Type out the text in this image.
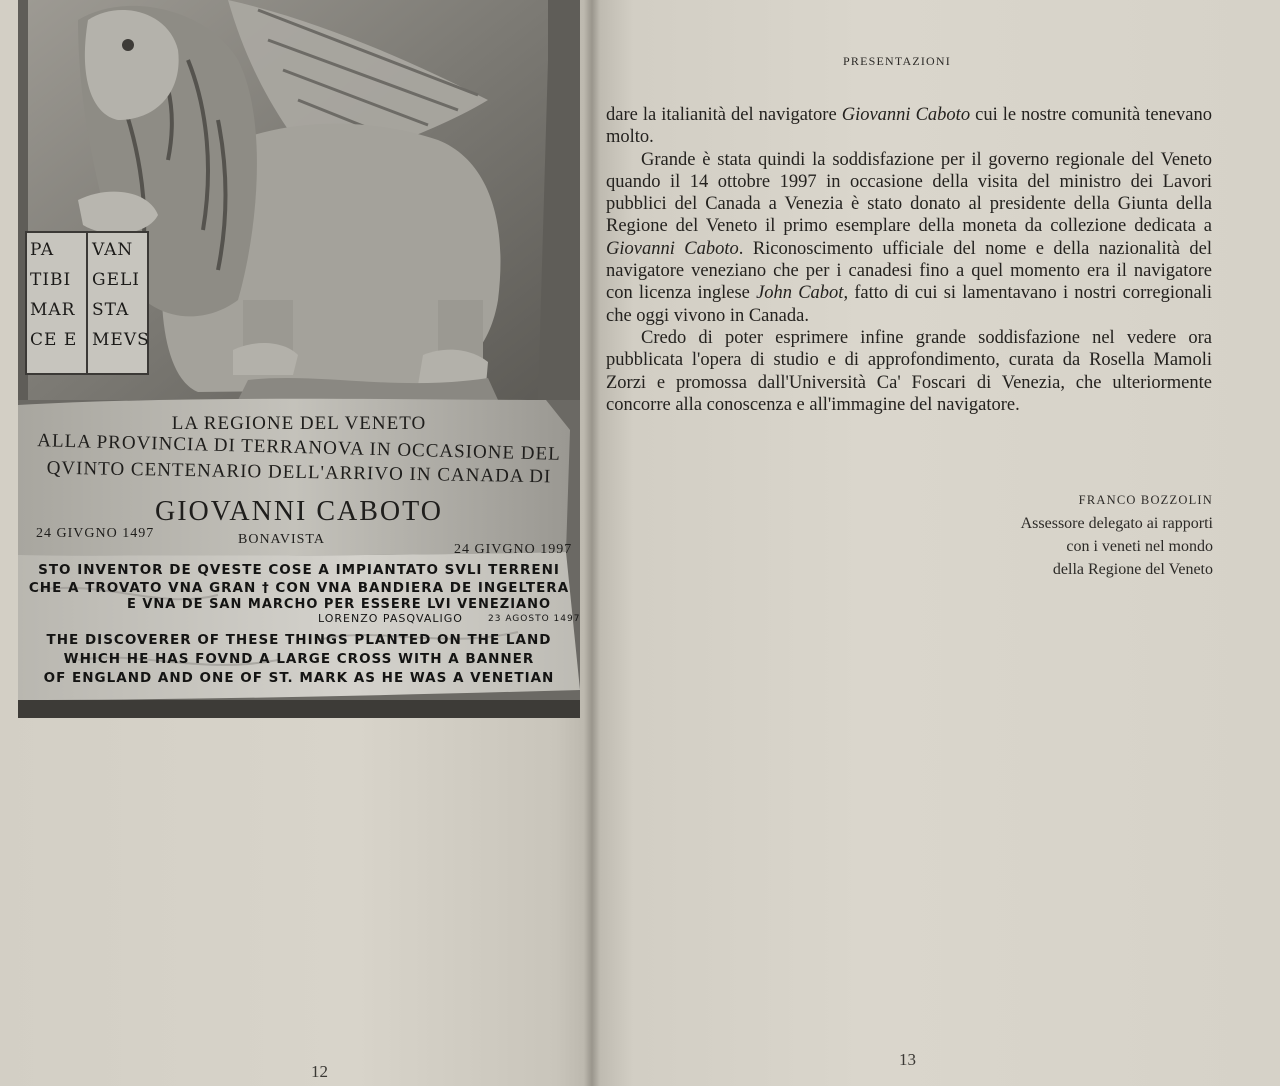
PA
TIBI
MAR
CE E
VAN
GELI
STA
MEVS
LA REGIONE DEL VENETO
ALLA PROVINCIA DI TERRANOVA IN OCCASIONE DEL
QVINTO CENTENARIO DELL'ARRIVO IN CANADA DI
GIOVANNI CABOTO
24 GIVGNO 1497	BONAVISTA
24 GIVGNO 1997
STO INVENTOR DE QVESTE COSE A IMPIANTATO SVLI TERRENI
CHE A TROVATO VNA GRAN † CON VNA BANDIERA DE INGELTERA
E VNA DE SAN MARCHO PER ESSERE LVI VENEZIANO
LORENZO PASQVALIGO	23 AGOSTO 1497
THE DISCOVERER OF THESE THINGS PLANTED ON THE LAND
WHICH HE HAS FOVND A LARGE CROSS WITH A BANNER
OF ENGLAND AND ONE OF ST. MARK AS HE WAS A VENETIAN
12
PRESENTAZIONI

dare la italianità del navigatore Giovanni Caboto cui le nostre comunità tenevano molto.

Grande è stata quindi la soddisfazione per il governo regionale del Veneto quando il 14 ottobre 1997 in occasione della visita del ministro dei Lavori pubblici del Canada a Venezia è stato donato al presidente della Giunta della Regione del Veneto il primo esemplare della moneta da collezione dedicata a Giovanni Caboto. Riconoscimento ufficiale del nome e della nazionalità del navigatore veneziano che per i canadesi fino a quel momento era il navigatore con licenza inglese John Cabot, fatto di cui si lamentavano i nostri corregionali che oggi vivono in Canada.

Credo di poter esprimere infine grande soddisfazione nel vedere ora pubblicata l'opera di studio e di approfondimento, curata da Rosella Mamoli Zorzi e promossa dall'Università Ca' Foscari di Venezia, che ulteriormente concorre alla conoscenza e all'immagine del navigatore.

FRANCO BOZZOLIN
Assessore delegato ai rapporti
con i veneti nel mondo
della Regione del Veneto
13
